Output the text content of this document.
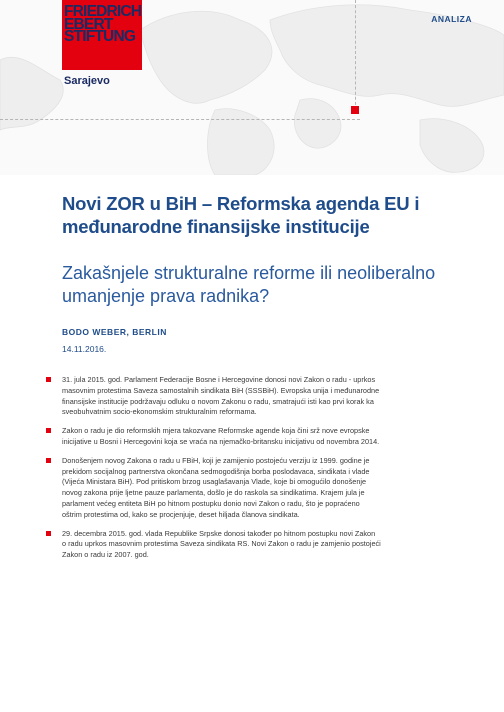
FRIEDRICH
EBERT
STIFTUNG
Sarajevo
ANALIZA
Novi ZOR u BiH – Reformska agenda EU i međunarodne finansijske institucije
Zakašnjele strukturalne reforme ili neoliberalno umanjenje prava radnika?
BODO WEBER, BERLIN
14.11.2016.
31. jula 2015. god. Parlament Federacije Bosne i Hercegovine donosi novi Zakon o radu - uprkos masovnim protestima Saveza samostalnih sindikata BiH (SSSBiH). Evropska unija i međunarodne finansijske institucije podržavaju odluku o novom Zakonu o radu, smatrajući isti kao prvi korak ka sveobuhvatnim socio-ekonomskim strukturalnim reformama.
Zakon o radu je dio reformskih mjera takozvane Reformske agende koja čini srž nove evropske inicijative u Bosni i Hercegovini koja se vraća na njemačko-britansku inicijativu od novembra 2014.
Donošenjem novog Zakona o radu u FBiH, koji je zamijenio postojeću verziju iz 1999. godine je prekidom socijalnog partnerstva okončana sedmogodišnja borba poslodavaca, sindikata i vlade (Vijeća Ministara BiH). Pod pritiskom brzog usaglašavanja Vlade, koje bi omogućilo donošenje novog zakona prije ljetne pauze parlamenta, došlo je do raskola sa sindikatima. Krajem jula je parlament većeg entiteta BiH po hitnom postupku donio novi Zakon o radu, što je popraćeno oštrim protestima od, kako se procjenjuje, deset hiljada članova sindikata.
29. decembra 2015. god. vlada Republike Srpske donosi također po hitnom postupku novi Zakon o radu uprkos masovnim protestima Saveza sindikata RS. Novi Zakon o radu je zamjenio postojeći Zakon o radu iz 2007. god.
